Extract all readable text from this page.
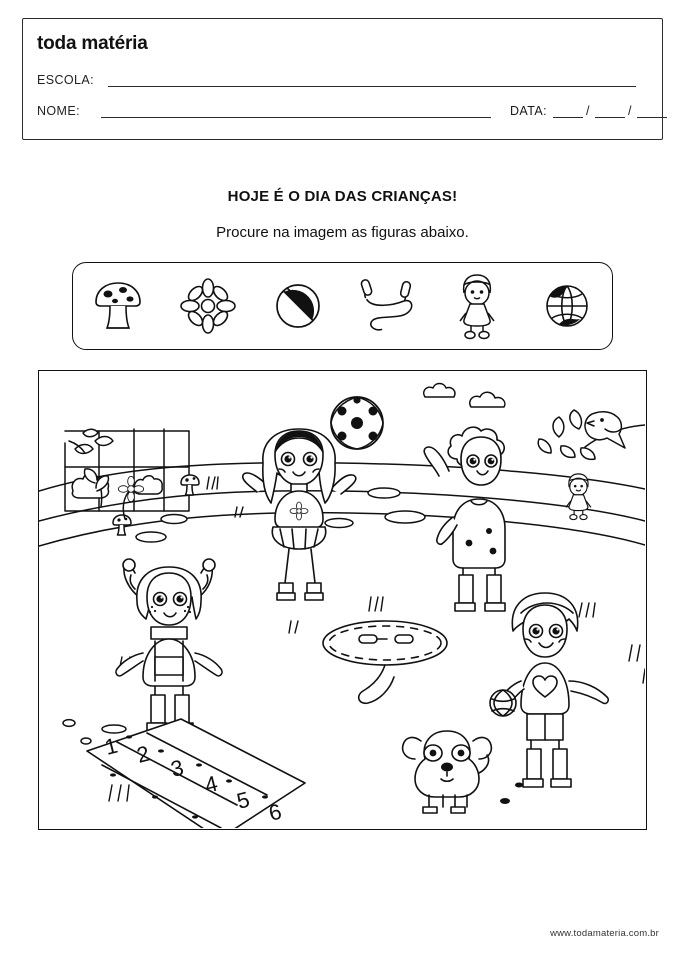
toda matéria
ESCOLA:
NOME:	DATA:	/	/
HOJE É O DIA DAS CRIANÇAS!
Procure na imagem as figuras abaixo.
1 2
3
4
5 6
www.todamateria.com.br
